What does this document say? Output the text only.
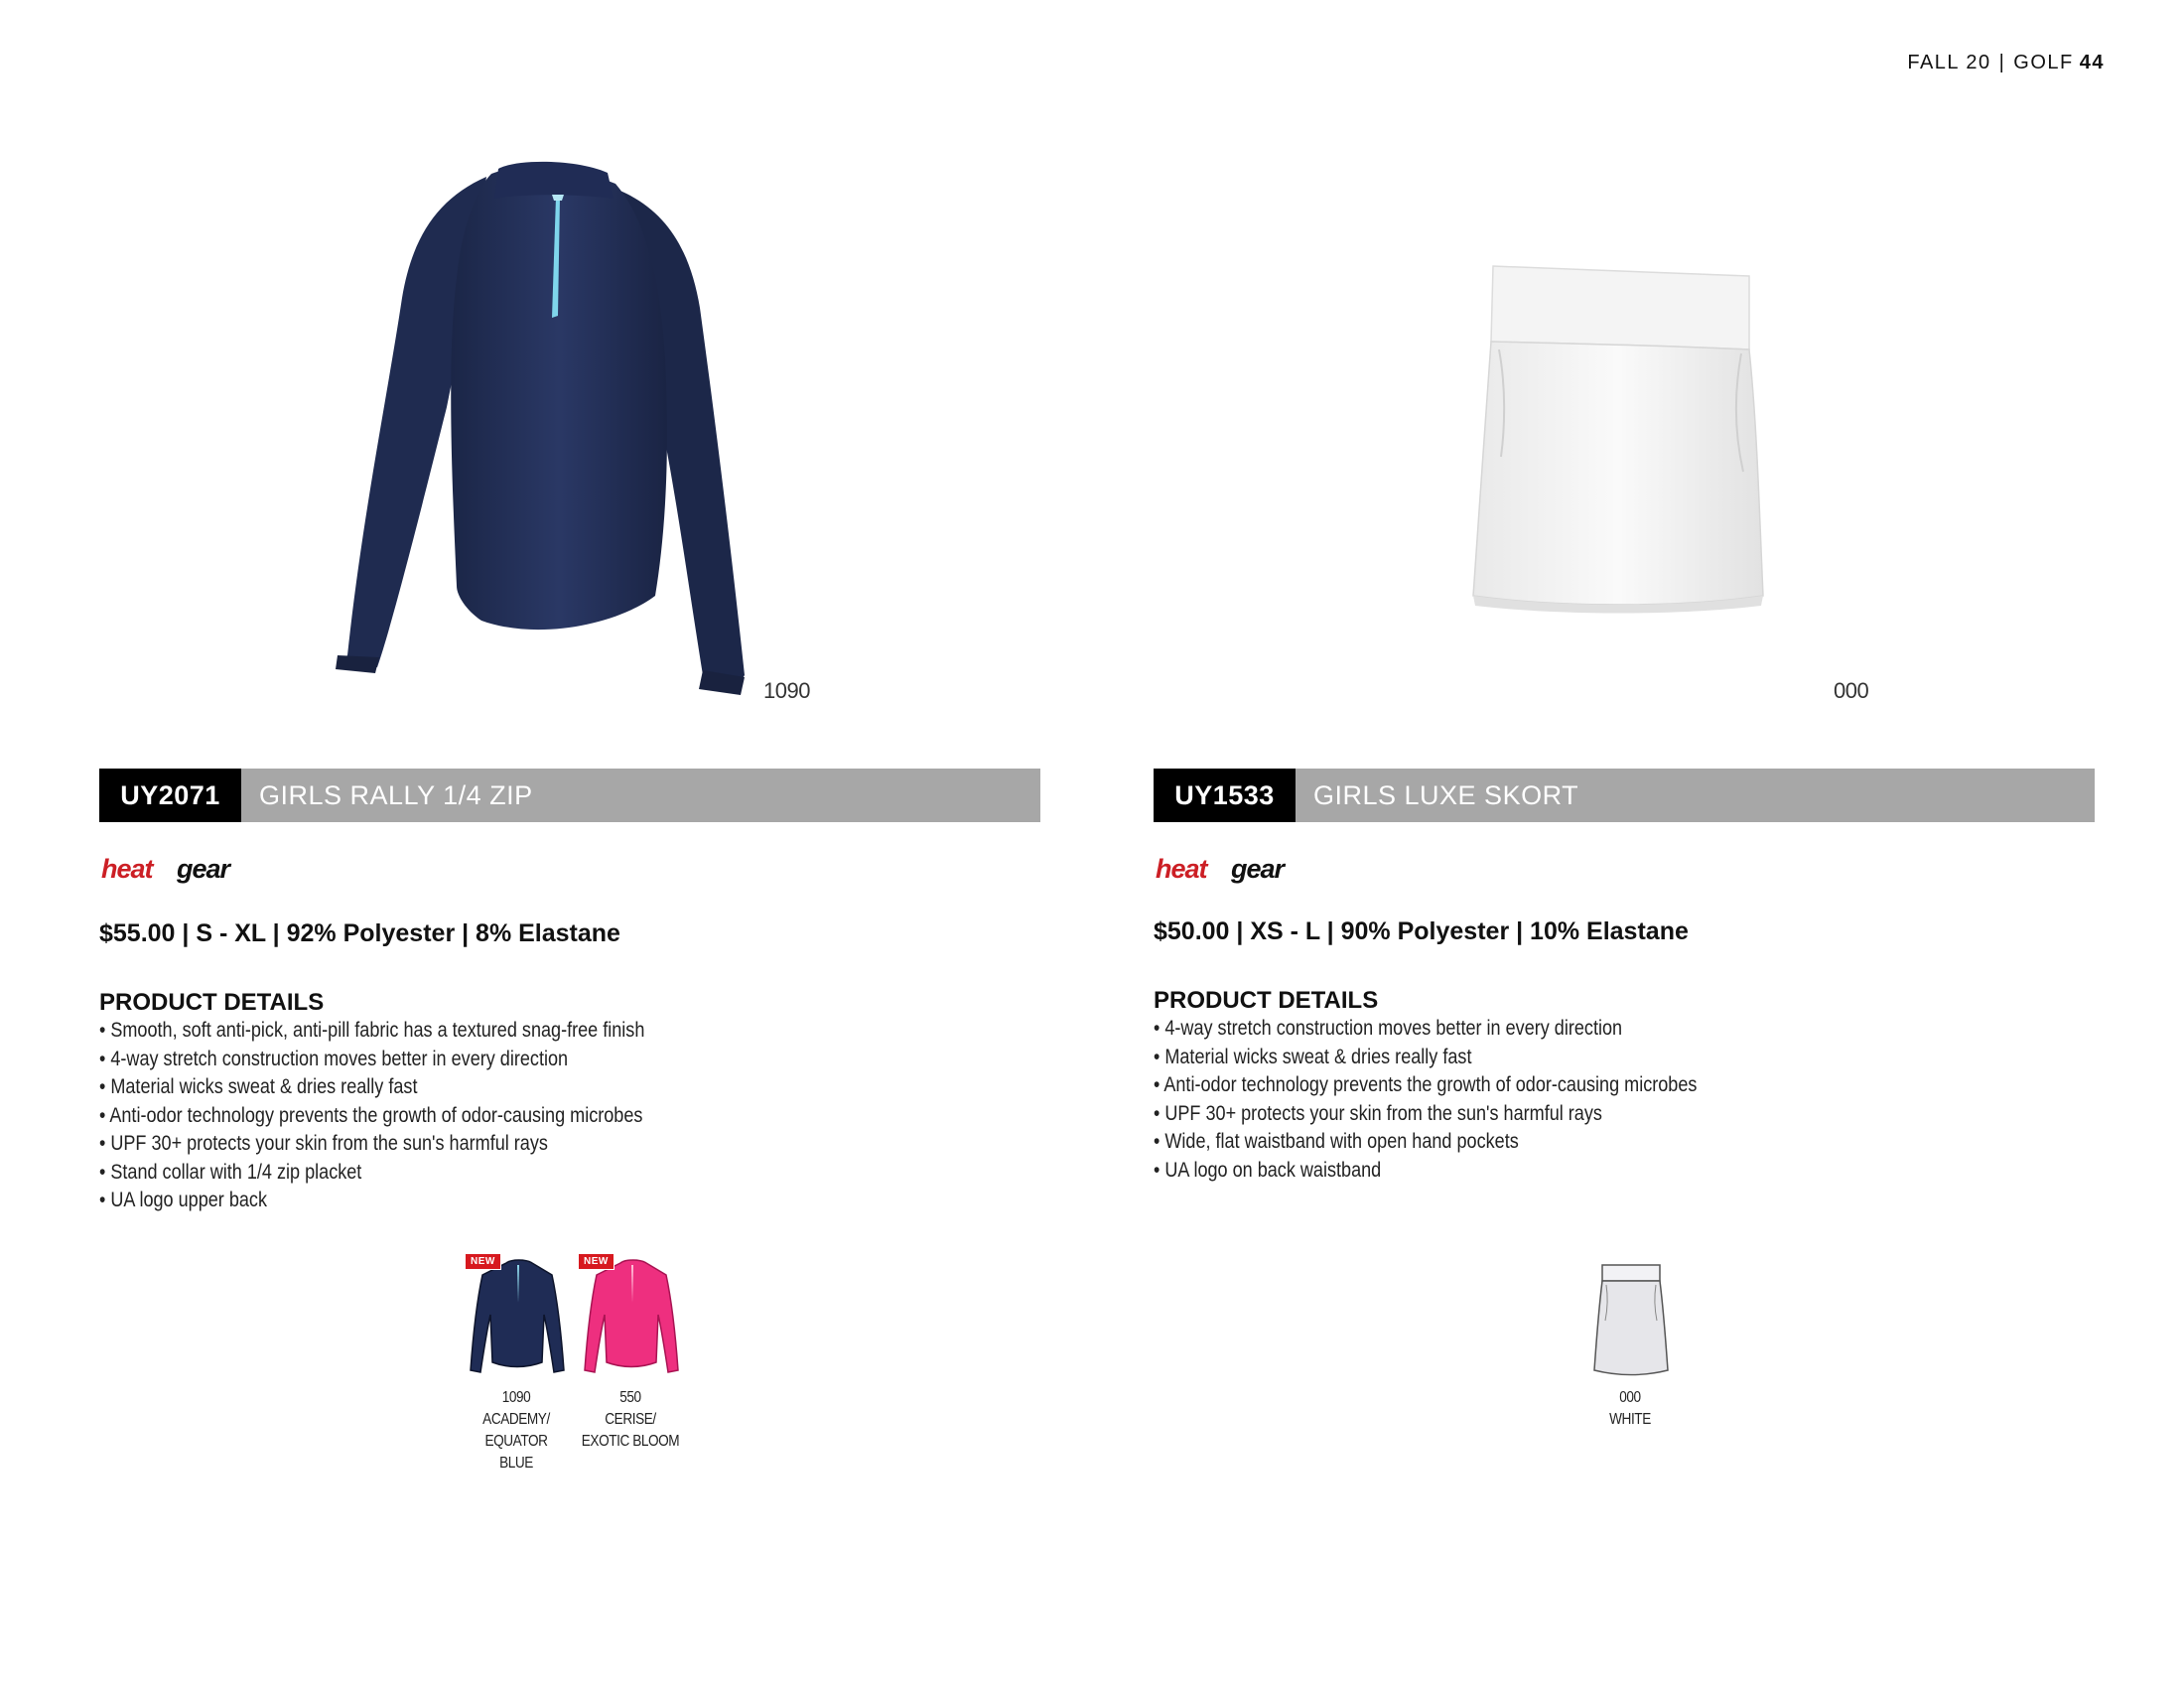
FALL 20 | GOLF 44
1090
UY2071	GIRLS RALLY 1/4 ZIP
heat gear
$55.00 | S - XL | 92% Polyester | 8% Elastane
PRODUCT DETAILS
• Smooth, soft anti-pick, anti-pill fabric has a textured snag-free finish
• 4-way stretch construction moves better in every direction
• Material wicks sweat & dries really fast
• Anti-odor technology prevents the growth of odor-causing microbes
• UPF 30+ protects your skin from the sun's harmful rays
• Stand collar with 1/4 zip placket
• UA logo upper back
NEW
1090
ACADEMY/
EQUATOR
BLUE
NEW
550
CERISE/
EXOTIC BLOOM
000
UY1533	GIRLS LUXE SKORT
heat gear
$50.00 | XS - L | 90% Polyester | 10% Elastane
PRODUCT DETAILS
• 4-way stretch construction moves better in every direction
• Material wicks sweat & dries really fast
• Anti-odor technology prevents the growth of odor-causing microbes
• UPF 30+ protects your skin from the sun's harmful rays
• Wide, flat waistband with open hand pockets
• UA logo on back waistband
000
WHITE
